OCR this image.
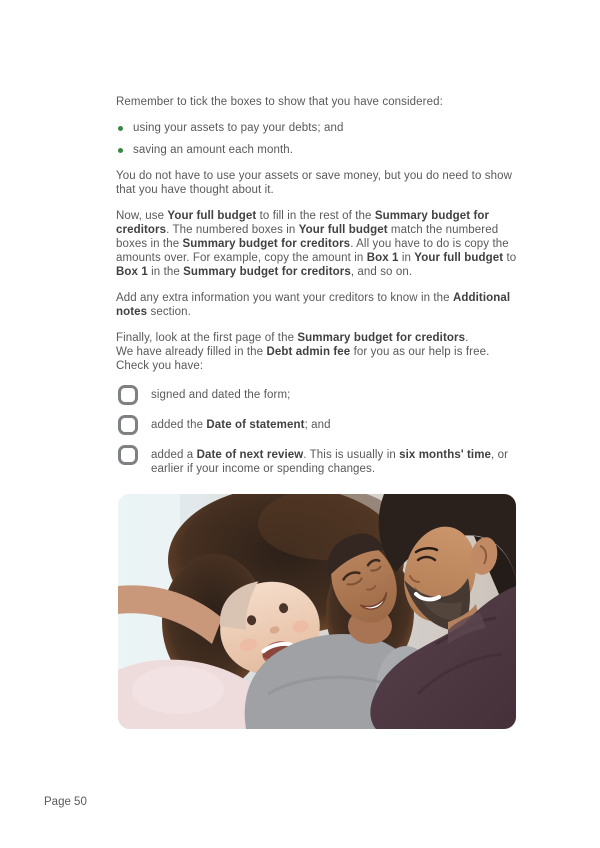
Remember to tick the boxes to show that you have considered:

using your assets to pay your debts; and
saving an amount each month.

You do not have to use your assets or save money, but you do need to show that you have thought about it.

Now, use Your full budget to fill in the rest of the Summary budget for creditors. The numbered boxes in Your full budget match the numbered boxes in the Summary budget for creditors. All you have to do is copy the amounts over. For example, copy the amount in Box 1 in Your full budget to Box 1 in the Summary budget for creditors, and so on.

Add any extra information you want your creditors to know in the Additional notes section.

Finally, look at the first page of the Summary budget for creditors.
We have already filled in the Debt admin fee for you as our help is free.
Check you have:

signed and dated the form;
added the Date of statement; and
added a Date of next review. This is usually in six months' time, or earlier if your income or spending changes.
Page 50
